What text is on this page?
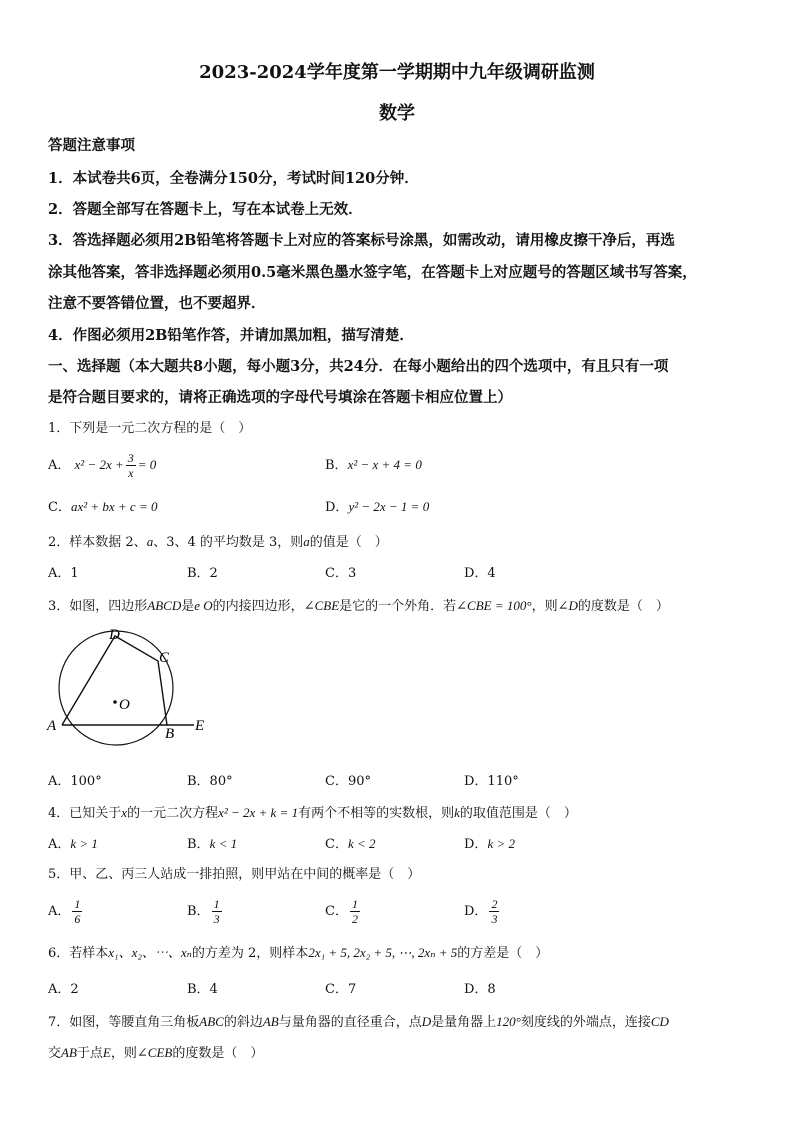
2023-2024学年度第一学期期中九年级调研监测
数学
答题注意事项
1．本试卷共6页，全卷满分150分，考试时间120分钟．
2．答题全部写在答题卡上，写在本试卷上无效．
3．答选择题必须用2B铅笔将答题卡上对应的答案标号涂黑，如需改动，请用橡皮擦干净后，再选
涂其他答案，答非选择题必须用0.5毫米黑色墨水签字笔，在答题卡上对应题号的答题区域书写答案，
注意不要答错位置，也不要超界．
4．作图必须用2B铅笔作答，并请加黑加粗，描写清楚．
一、选择题（本大题共8小题，每小题3分，共24分．在每小题给出的四个选项中，有且只有一项
是符合题目要求的，请将正确选项的字母代号填涂在答题卡相应位置上）
1．下列是一元二次方程的是（　）
A． $x^2 - 2x + \frac{3}{x} = 0$	B．x² − x + 4 = 0
C．ax² + bx + c = 0	D．y² − 2x − 1 = 0
2．样本数据 2、a、3、4 的平均数是 3，则a的值是（　）
A．1	B．2	C．3	D．4
3．如图，四边形ABCD是e O的内接四边形，∠CBE是它的一个外角．若∠CBE = 100°，则∠D的度数是（　）
D
C
O
A	B E
A．100°	B．80°	C．90°	D．110°
4．已知关于x的一元二次方程x² − 2x + k = 1有两个不相等的实数根，则k的取值范围是（　）
A．k > 1	B．k < 1	C．k < 2	D．k > 2
5．甲、乙、丙三人站成一排拍照，则甲站在中间的概率是（　）
A． $\frac{1}{6}$	B． $\frac{1}{3}$	C． $\frac{1}{2}$	D． $\frac{2}{3}$
6．若样本x₁、x₂、⋯、xₙ的方差为 2，则样本2x₁ + 5, 2x₂ + 5, ⋯, 2xₙ + 5的方差是（　）
A．2	B．4	C．7	D．8
7．如图，等腰直角三角板ABC的斜边AB与量角器的直径重合，点D是量角器上120°刻度线的外端点，连接CD
交AB于点E，则∠CEB的度数是（　）
